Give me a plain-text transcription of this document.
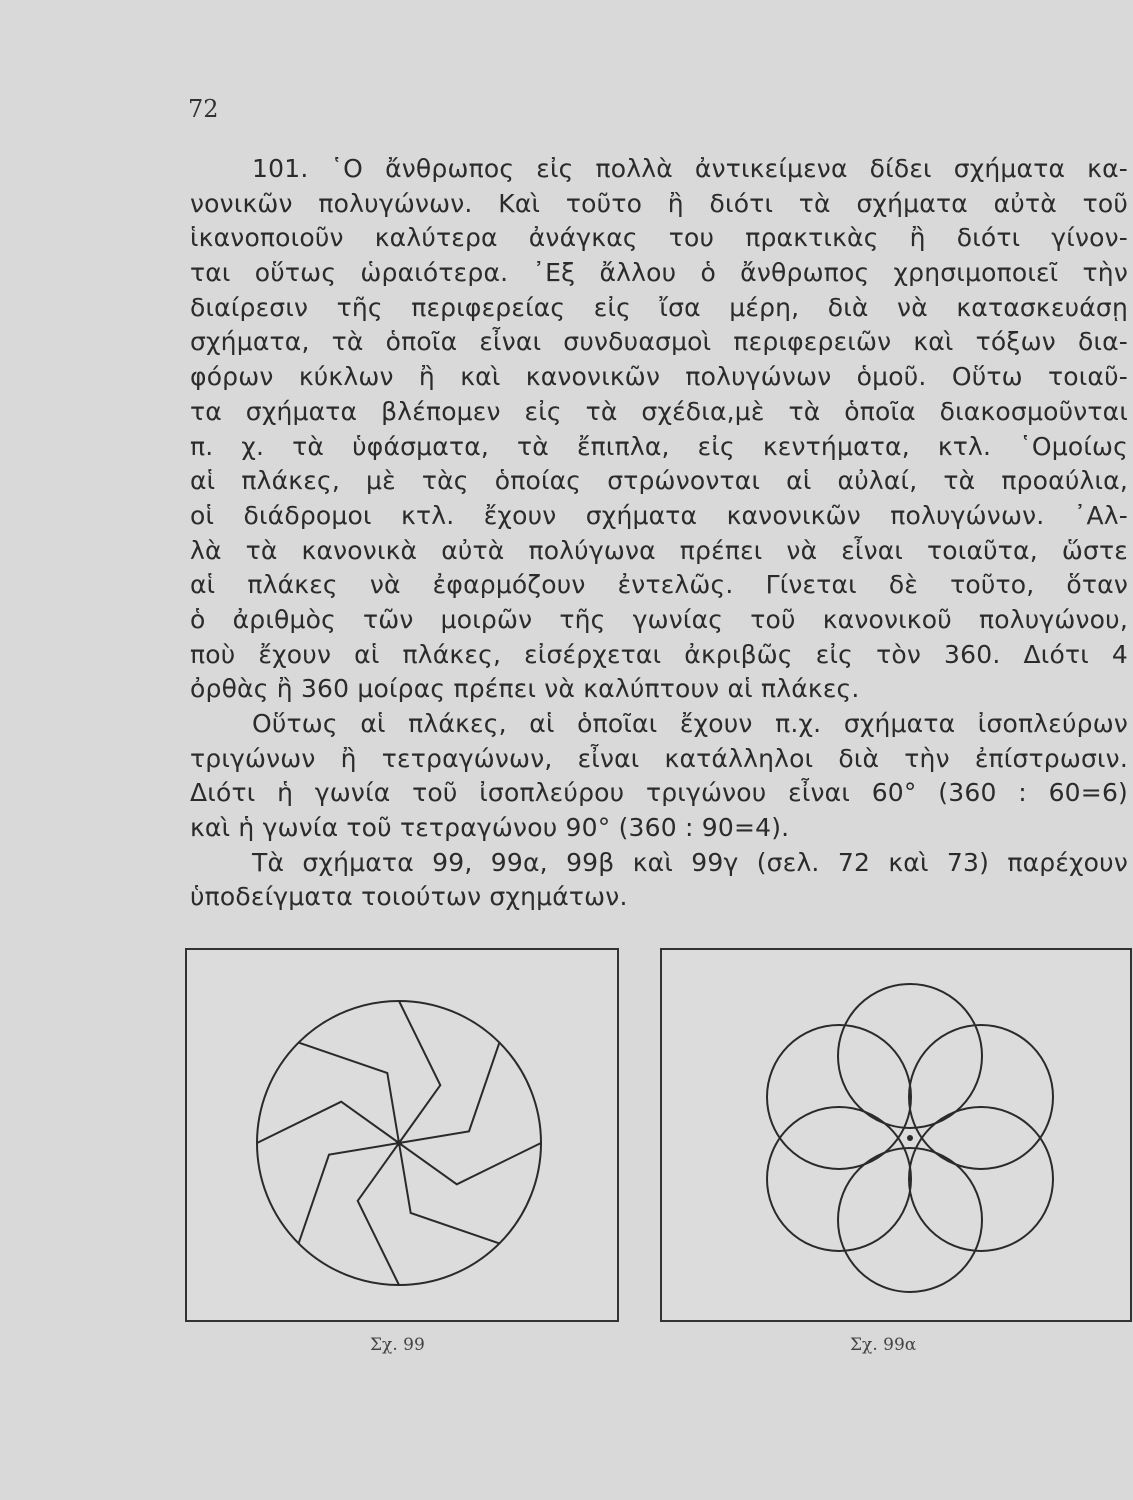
72
101. ῾Ο ἄνθρωπος εἰς πολλὰ ἀντικείμενα δίδει σχήματα κα-
νονικῶν πολυγώνων. Καὶ τοῦτο ἢ διότι τὰ σχήματα αὐτὰ τοῦ
ἱκανοποιοῦν καλύτερα ἀνάγκας του πρακτικὰς ἢ διότι γίνον-
ται οὕτως ὡραιότερα. ᾿Εξ ἄλλου ὁ ἄνθρωπος χρησιμοποιεῖ τὴν
διαίρεσιν τῆς περιφερείας εἰς ἴσα μέρη, διὰ νὰ κατασκευάσῃ
σχήματα, τὰ ὁποῖα εἶναι συνδυασμοὶ περιφερειῶν καὶ τόξων δια-
φόρων κύκλων ἢ καὶ κανονικῶν πολυγώνων ὁμοῦ. Οὕτω τοιαῦ-
τα σχήματα βλέπομεν εἰς τὰ σχέδια,μὲ τὰ ὁποῖα διακοσμοῦνται
π. χ. τὰ ὑφάσματα, τὰ ἔπιπλα, εἰς κεντήματα, κτλ. ῾Ομοίως
αἱ πλάκες, μὲ τὰς ὁποίας στρώνονται αἱ αὐλαί, τὰ προαύλια,
οἱ διάδρομοι κτλ. ἔχουν σχήματα κανονικῶν πολυγώνων. ᾿Αλ-
λὰ τὰ κανονικὰ αὐτὰ πολύγωνα πρέπει νὰ εἶναι τοιαῦτα, ὥστε
αἱ πλάκες νὰ ἐφαρμόζουν ἐντελῶς. Γίνεται δὲ τοῦτο, ὅταν
ὁ ἀριθμὸς τῶν μοιρῶν τῆς γωνίας τοῦ κανονικοῦ πολυγώνου,
ποὺ ἔχουν αἱ πλάκες, εἰσέρχεται ἀκριβῶς εἰς τὸν 360. Διότι 4
ὀρθὰς ἢ 360 μοίρας πρέπει νὰ καλύπτουν αἱ πλάκες.
Οὕτως αἱ πλάκες, αἱ ὁποῖαι ἔχουν π.χ. σχήματα ἰσοπλεύρων
τριγώνων ἢ τετραγώνων, εἶναι κατάλληλοι διὰ τὴν ἐπίστρωσιν.
Διότι ἡ γωνία τοῦ ἰσοπλεύρου τριγώνου εἶναι 60° (360 : 60=6)
καὶ ἡ γωνία τοῦ τετραγώνου 90° (360 : 90=4).
Τὰ σχήματα 99, 99α, 99β καὶ 99γ (σελ. 72 καὶ 73) παρέχουν
ὑποδείγματα τοιούτων σχημάτων.
Σχ. 99	Σχ. 99α
